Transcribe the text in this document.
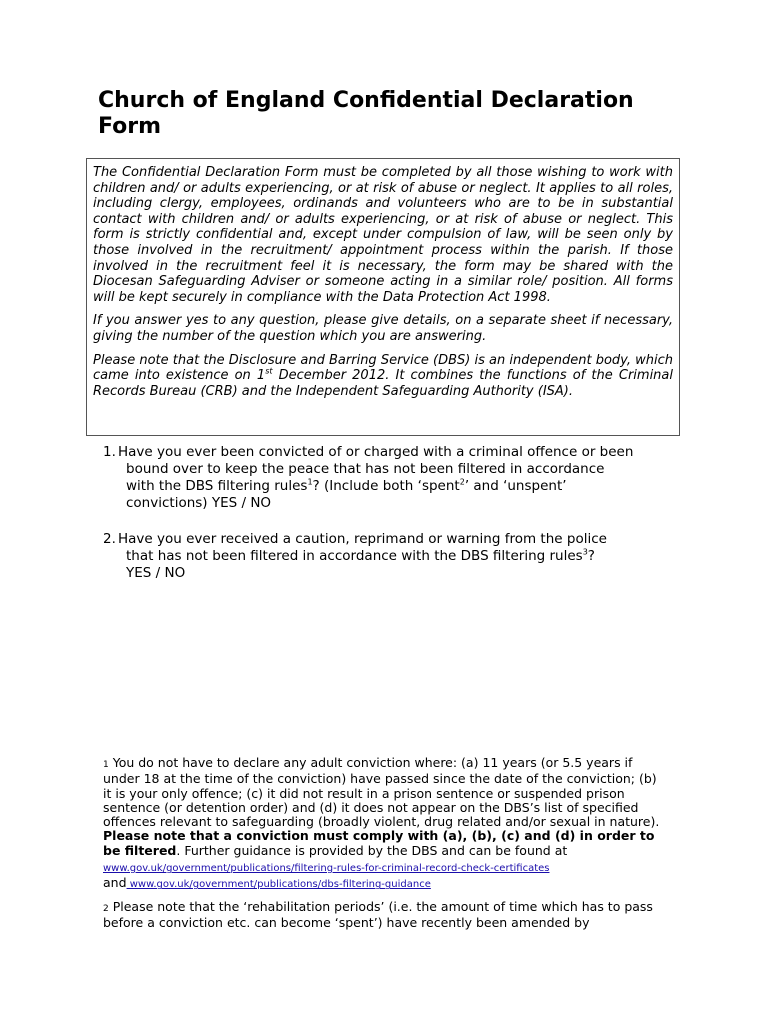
Church of England Confidential Declaration Form

The Confidential Declaration Form must be completed by all those wishing to work with children and/ or adults experiencing, or at risk of abuse or neglect. It applies to all roles, including clergy, employees, ordinands and volunteers who are to be in substantial contact with children and/ or adults experiencing, or at risk of abuse or neglect. This form is strictly confidential and, except under compulsion of law, will be seen only by those involved in the recruitment/ appointment process within the parish. If those involved in the recruitment feel it is necessary, the form may be shared with the Diocesan Safeguarding Adviser or someone acting in a similar role/ position. All forms will be kept securely in compliance with the Data Protection Act 1998.

If you answer yes to any question, please give details, on a separate sheet if necessary, giving the number of the question which you are answering.

Please note that the Disclosure and Barring Service (DBS) is an independent body, which came into existence on 1st December 2012. It combines the functions of the Criminal Records Bureau (CRB) and the Independent Safeguarding Authority (ISA).

1. Have you ever been convicted of or charged with a criminal offence or been
bound over to keep the peace that has not been filtered in accordance
with the DBS filtering rules$^1$? (Include both ‘spent$^2$’ and ‘unspent’
convictions) YES / NO
2. Have you ever received a caution, reprimand or warning from the police
that has not been filtered in accordance with the DBS filtering rules$^3$?
YES / NO
1 You do not have to declare any adult conviction where: (a) 11 years (or 5.5 years if under 18 at the time of the conviction) have passed since the date of the conviction; (b) it is your only offence; (c) it did not result in a prison sentence or suspended prison sentence (or detention order) and (d) it does not appear on the DBS’s list of specified offences relevant to safeguarding (broadly violent, drug related and/or sexual in nature). Please note that a conviction must comply with (a), (b), (c) and (d) in order to be filtered. Further guidance is provided by the DBS and can be found at www.gov.uk/government/publications/filtering-rules-for-criminal-record-check-certificates
and www.gov.uk/government/publications/dbs-filtering-guidance
2 Please note that the ‘rehabilitation periods’ (i.e. the amount of time which has to pass before a conviction etc. can become ‘spent’) have recently been amended by
